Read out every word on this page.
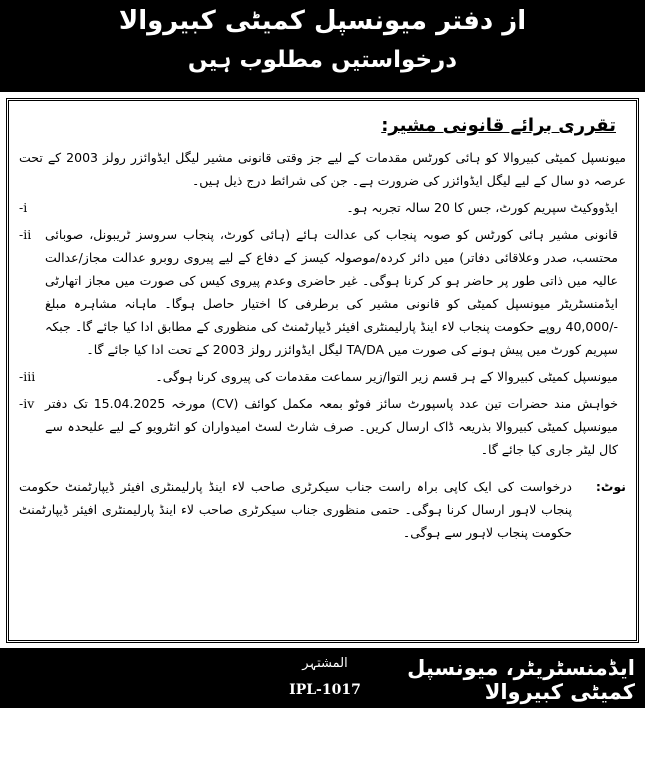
از دفتر میونسپل کمیٹی کبیروالا
درخواستیں مطلوب ہیں
تقرری برائے قانونی مشیر:
میونسپل کمیٹی کبیروالا کو ہائی کورٹس مقدمات کے لیے جز وقتی قانونی مشیر لیگل ایڈوائزر رولز 2003 کے تحت عرصہ دو سال کے لیے لیگل ایڈوائزر کی ضرورت ہے۔ جن کی شرائط درج ذیل ہیں۔
ایڈووکیٹ سپریم کورٹ، جس کا 20 سالہ تجربہ ہو۔
-i
قانونی مشیر ہائی کورٹس کو صوبہ پنجاب کی عدالت ہائے (ہائی کورٹ، پنجاب سروسز ٹریبونل، صوبائی محتسب، صدر وعلاقائی دفاتر) میں دائر کردہ/موصولہ کیسز کے دفاع کے لیے پیروی روبرو عدالت مجاز/عدالت عالیہ میں ذاتی طور پر حاضر ہو کر کرنا ہوگی۔ غیر حاضری وعدم پیروی کیس کی صورت میں مجاز اتھارٹی ایڈمنسٹریٹر میونسپل کمیٹی کو قانونی مشیر کی برطرفی کا اختیار حاصل ہوگا۔ ماہانہ مشاہرہ مبلغ -/40,000 روپے حکومت پنجاب لاء اینڈ پارلیمنٹری افیئر ڈیپارٹمنٹ کی منظوری کے مطابق ادا کیا جائے گا۔ جبکہ سپریم کورٹ میں پیش ہونے کی صورت میں TA/DA لیگل ایڈوائزر رولز 2003 کے تحت ادا کیا جائے گا۔
-ii
میونسپل کمیٹی کبیروالا کے ہر قسم زیر التوا/زیر سماعت مقدمات کی پیروی کرنا ہوگی۔
-iii
خواہش مند حضرات تین عدد پاسپورٹ سائز فوٹو بمعہ مکمل کوائف (CV) مورخہ 15.04.2025 تک دفتر میونسپل کمیٹی کبیروالا بذریعہ ڈاک ارسال کریں۔ صرف شارٹ لسٹ امیدواران کو انٹرویو کے لیے علیحدہ سے کال لیٹر جاری کیا جائے گا۔
-iv
نوٹ:
درخواست کی ایک کاپی براہ راست جناب سیکرٹری صاحب لاء اینڈ پارلیمنٹری افیئر ڈیپارٹمنٹ حکومت پنجاب لاہور ارسال کرنا ہوگی۔ حتمی منظوری جناب سیکرٹری صاحب لاء اینڈ پارلیمنٹری افیئر ڈیپارٹمنٹ حکومت پنجاب لاہور سے ہوگی۔
ایڈمنسٹریٹر، میونسپل کمیٹی کبیروالا
چیف آفیسر، میونسپل کمیٹی کبیروالا
المشتہر
IPL-1017
